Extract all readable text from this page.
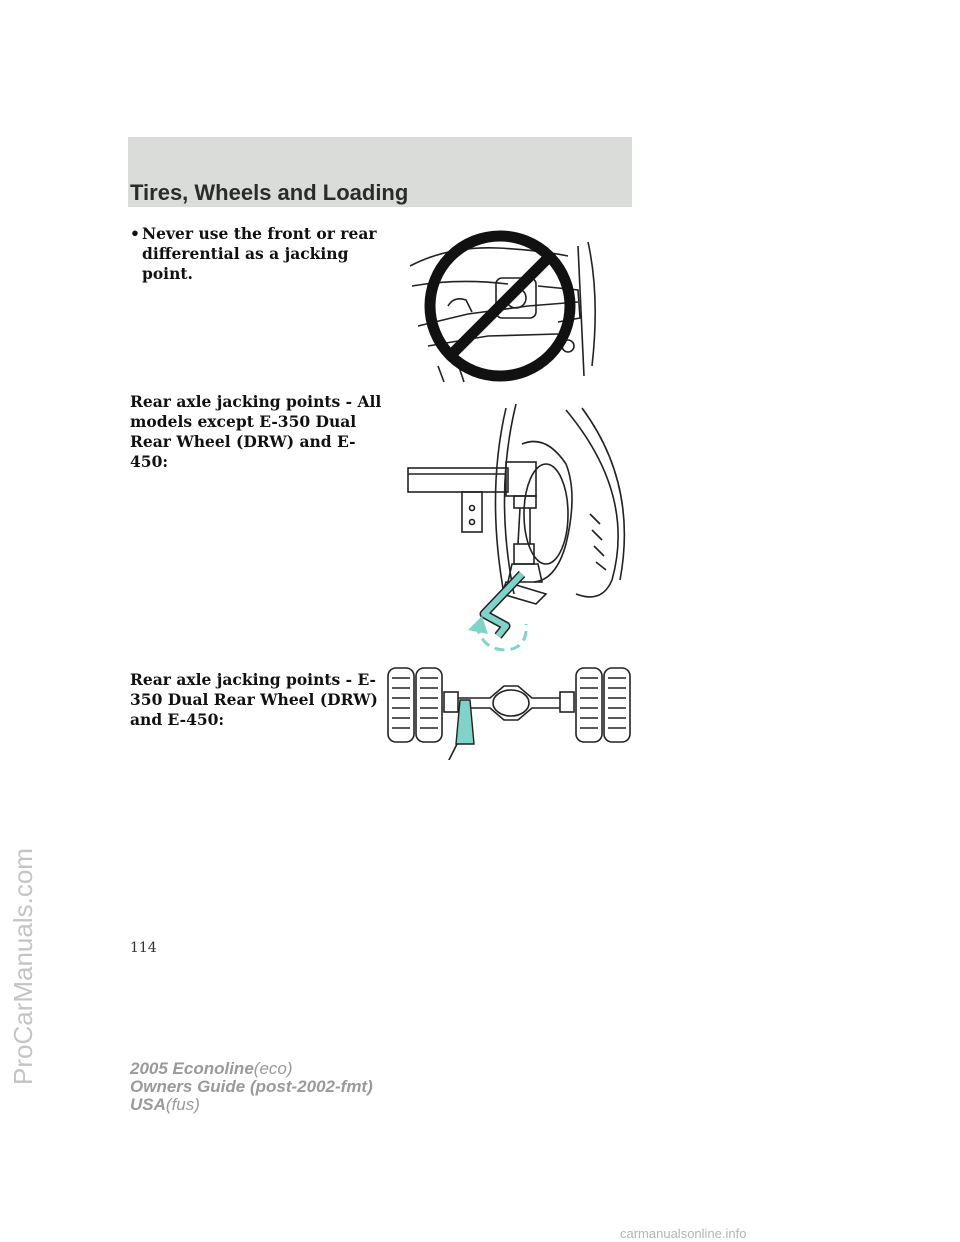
Tires, Wheels and Loading
• Never use the front or rear differential as a jacking point.
Rear axle jacking points - All models except E-350 Dual Rear Wheel (DRW) and E-450:
Rear axle jacking points - E-350 Dual Rear Wheel (DRW) and E-450:
114
2005 Econoline(eco)
Owners Guide (post-2002-fmt)
USA(fus)
ProCarManuals.com
carmanualsonline.info
